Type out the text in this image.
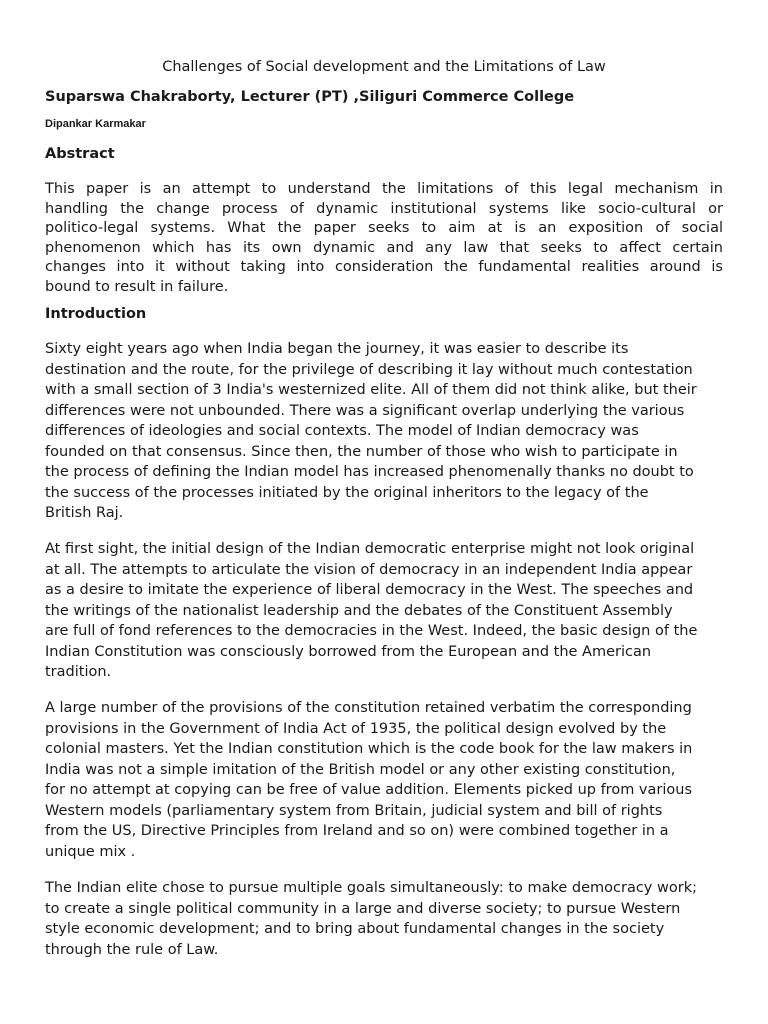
Challenges of Social development and the Limitations of Law

Suparswa Chakraborty, Lecturer (PT) ,Siliguri Commerce College

Dipankar Karmakar

Abstract
This paper is an attempt to understand the limitations of this legal mechanism in
handling the change process of dynamic institutional systems like socio-cultural or
politico-legal systems. What the paper seeks to aim at is an exposition of social
phenomenon which has its own dynamic and any law that seeks to affect certain
changes into it without taking into consideration the fundamental realities around is
bound to result in failure.
Introduction
Sixty eight years ago when India began the journey, it was easier to describe its
destination and the route, for the privilege of describing it lay without much contestation
with a small section of 3 India's westernized elite. All of them did not think alike, but their
differences were not unbounded. There was a significant overlap underlying the various
differences of ideologies and social contexts. The model of Indian democracy was
founded on that consensus. Since then, the number of those who wish to participate in
the process of defining the Indian model has increased phenomenally thanks no doubt to
the success of the processes initiated by the original inheritors to the legacy of the
British Raj.
At first sight, the initial design of the Indian democratic enterprise might not look original
at all. The attempts to articulate the vision of democracy in an independent India appear
as a desire to imitate the experience of liberal democracy in the West. The speeches and
the writings of the nationalist leadership and the debates of the Constituent Assembly
are full of fond references to the democracies in the West. Indeed, the basic design of the
Indian Constitution was consciously borrowed from the European and the American
tradition.
A large number of the provisions of the constitution retained verbatim the corresponding
provisions in the Government of India Act of 1935, the political design evolved by the
colonial masters. Yet the Indian constitution which is the code book for the law makers in
India was not a simple imitation of the British model or any other existing constitution,
for no attempt at copying can be free of value addition. Elements picked up from various
Western models (parliamentary system from Britain, judicial system and bill of rights
from the US, Directive Principles from Ireland and so on) were combined together in a
unique mix .
The Indian elite chose to pursue multiple goals simultaneously: to make democracy work;
to create a single political community in a large and diverse society; to pursue Western
style economic development; and to bring about fundamental changes in the society
through the rule of Law.
